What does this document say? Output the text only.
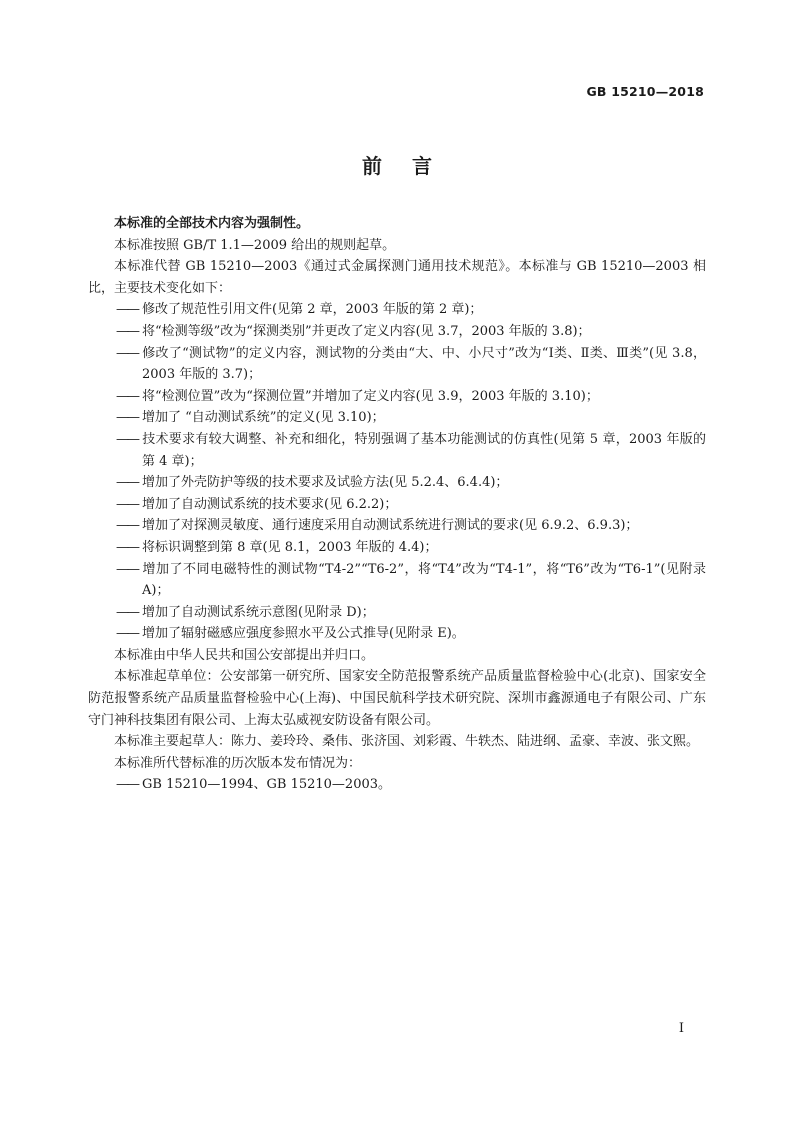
GB 15210—2018
前 言

本标准的全部技术内容为强制性。

本标准按照 GB/T 1.1—2009 给出的规则起草。

本标准代替 GB 15210—2003《通过式金属探测门通用技术规范》。本标准与 GB 15210—2003 相比，主要技术变化如下：

—— 修改了规范性引用文件(见第 2 章，2003 年版的第 2 章)；

—— 将“检测等级”改为“探测类别”并更改了定义内容(见 3.7，2003 年版的 3.8)；

—— 修改了“测试物”的定义内容，测试物的分类由“大、中、小尺寸”改为“Ⅰ类、Ⅱ类、Ⅲ类”(见 3.8，2003 年版的 3.7)；

—— 将“检测位置”改为“探测位置”并增加了定义内容(见 3.9，2003 年版的 3.10)；

—— 增加了 “自动测试系统”的定义(见 3.10)；

—— 技术要求有较大调整、补充和细化，特别强调了基本功能测试的仿真性(见第 5 章，2003 年版的第 4 章)；

—— 增加了外壳防护等级的技术要求及试验方法(见 5.2.4、6.4.4)；

—— 增加了自动测试系统的技术要求(见 6.2.2)；

—— 增加了对探测灵敏度、通行速度采用自动测试系统进行测试的要求(见 6.9.2、6.9.3)；

—— 将标识调整到第 8 章(见 8.1，2003 年版的 4.4)；

—— 增加了不同电磁特性的测试物“T4-2”“T6-2”，将“T4”改为“T4-1”，将“T6”改为“T6-1”(见附录 A)；

—— 增加了自动测试系统示意图(见附录 D)；

—— 增加了辐射磁感应强度参照水平及公式推导(见附录 E)。

本标准由中华人民共和国公安部提出并归口。

本标准起草单位：公安部第一研究所、国家安全防范报警系统产品质量监督检验中心(北京)、国家安全防范报警系统产品质量监督检验中心(上海)、中国民航科学技术研究院、深圳市鑫源通电子有限公司、广东守门神科技集团有限公司、上海太弘威视安防设备有限公司。

本标准主要起草人：陈力、姜玲玲、桑伟、张济国、刘彩霞、牛轶杰、陆进纲、孟豪、幸波、张文熙。

本标准所代替标准的历次版本发布情况为：

—— GB 15210—1994、GB 15210—2003。

I
